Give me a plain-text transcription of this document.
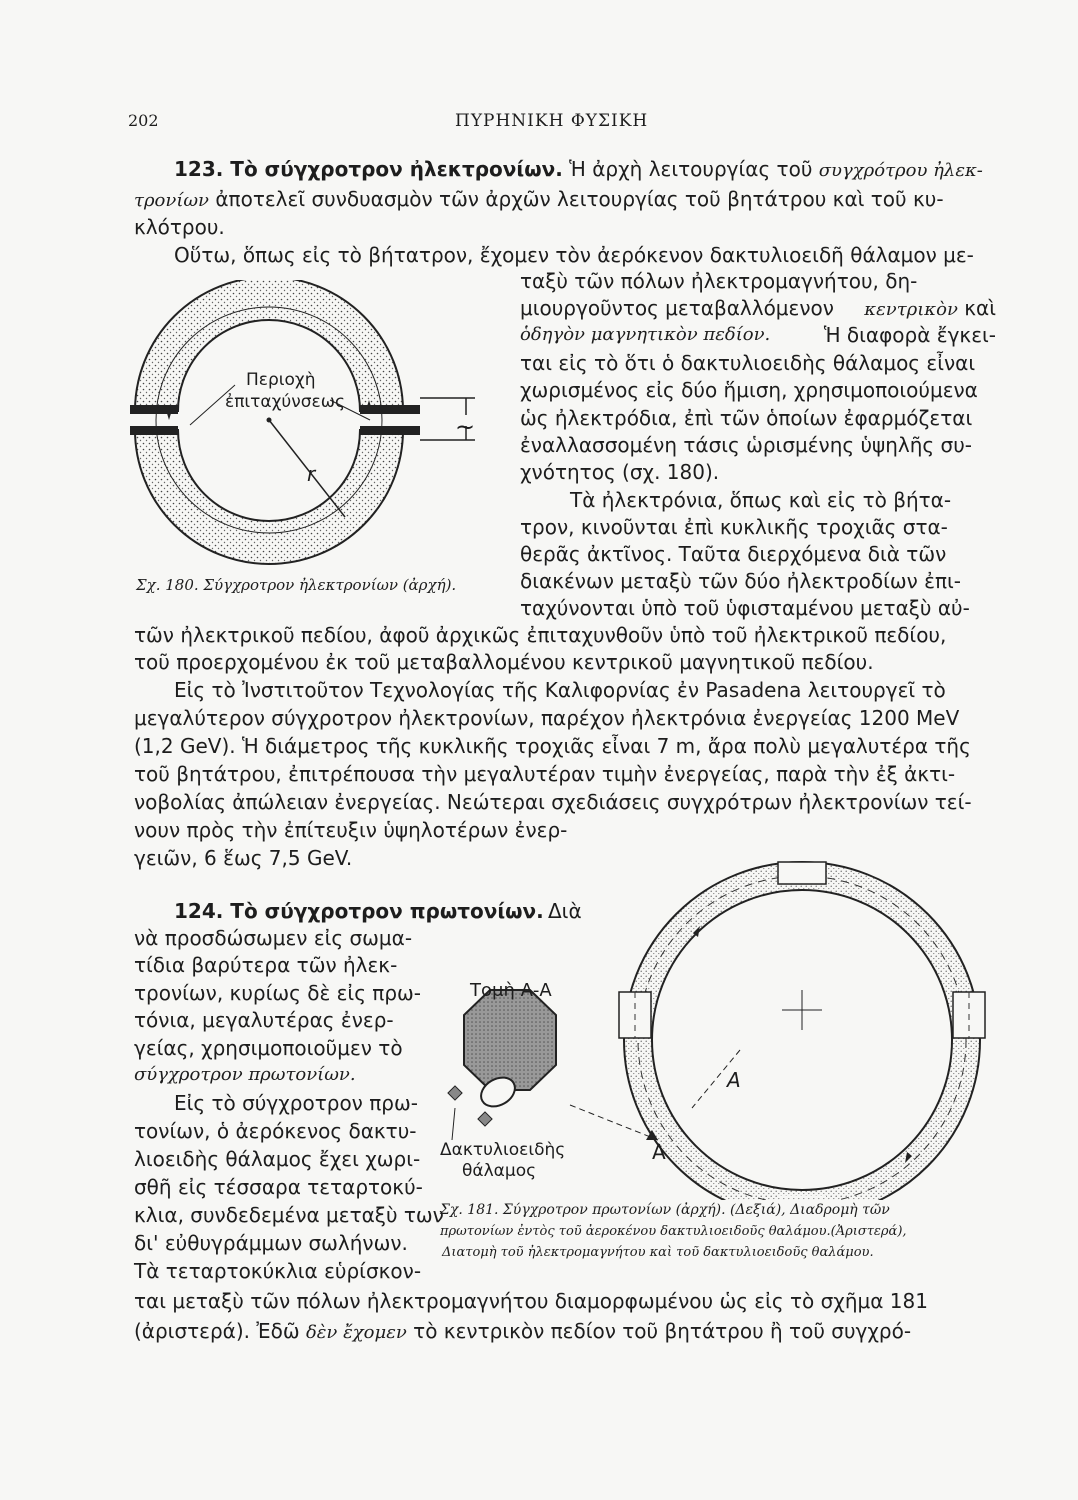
202	ΠΥΡΗΝΙΚΗ ΦΥΣΙΚΗ
123. Τὸ σύγχροτρον ἠλεκτρονίων. Ἡ ἀρχὴ λειτουργίας τοῦ συγχρότρου ἠλεκ-
τρονίων ἀποτελεῖ συνδυασμὸν τῶν ἀρχῶν λειτουργίας τοῦ βητάτρου καὶ τοῦ κυ-
κλότρου.
Οὕτω, ὅπως εἰς τὸ βήτατρον, ἔχομεν τὸν ἀερόκενον δακτυλιοειδῆ θάλαμον με-
ταξὺ τῶν πόλων ἠλεκτρομαγνήτου, δη-
μιουργοῦντος μεταβαλλόμενον κεντρικὸν καὶ
ὁδηγὸν μαγνητικὸν πεδίον.	Ἡ διαφορὰ ἔγκει-
ται εἰς τὸ ὅτι ὁ δακτυλιοειδὴς θάλαμος εἶναι
χωρισμένος εἰς δύο ἥμιση, χρησιμοποιούμενα
ὡς ἠλεκτρόδια, ἐπὶ τῶν ὁποίων ἐφαρμόζεται
ἐναλλασσομένη τάσις ὡρισμένης ὑψηλῆς συ-
χνότητος (σχ. 180).
Τὰ ἠλεκτρόνια, ὅπως καὶ εἰς τὸ βήτα-
τρον, κινοῦνται ἐπὶ κυκλικῆς τροχιᾶς στα-
θερᾶς ἀκτῖνος. Ταῦτα διερχόμενα διὰ τῶν
διακένων μεταξὺ τῶν δύο ἠλεκτροδίων ἐπι-
ταχύνονται ὑπὸ τοῦ ὑφισταμένου μεταξὺ αὐ-
τῶν ἠλεκτρικοῦ πεδίου, ἀφοῦ ἀρχικῶς ἐπιταχυνθοῦν ὑπὸ τοῦ ἠλεκτρικοῦ πεδίου,
τοῦ προερχομένου ἐκ τοῦ μεταβαλλομένου κεντρικοῦ μαγνητικοῦ πεδίου.
Εἰς τὸ Ἰνστιτοῦτον Τεχνολογίας τῆς Καλιφορνίας ἐν Pasadena λειτουργεῖ τὸ
μεγαλύτερον σύγχροτρον ἠλεκτρονίων, παρέχον ἠλεκτρόνια ἐνεργείας 1200 MeV
(1,2 GeV). Ἡ διάμετρος τῆς κυκλικῆς τροχιᾶς εἶναι 7 m, ἄρα πολὺ μεγαλυτέρα τῆς
τοῦ βητάτρου, ἐπιτρέπουσα τὴν μεγαλυτέραν τιμὴν ἐνεργείας, παρὰ τὴν ἐξ ἀκτι-
νοβολίας ἀπώλειαν ἐνεργείας. Νεώτεραι σχεδιάσεις συγχρότρων ἠλεκτρονίων τεί-
νουν πρὸς τὴν ἐπίτευξιν ὑψηλοτέρων ἐνερ-
γειῶν, 6 ἕως 7,5 GeV.
Περιοχὴ
ἐπιταχύνσεως
r
~
Σχ. 180. Σύγχροτρον ἠλεκτρονίων (ἀρχή).
124. Τὸ σύγχροτρον πρωτονίων. Διὰ
νὰ προσδώσωμεν εἰς σωμα-
τίδια βαρύτερα τῶν ἠλεκ-
τρονίων, κυρίως δὲ εἰς πρω-
τόνια, μεγαλυτέρας ἐνερ-
γείας, χρησιμοποιοῦμεν τὸ
σύγχροτρον πρωτονίων.
Εἰς τὸ σύγχροτρον πρω-
τονίων, ὁ ἀερόκενος δακτυ-
λιοειδὴς θάλαμος ἔχει χωρι-
σθῆ εἰς τέσσαρα τεταρτοκύ-
κλια, συνδεδεμένα μεταξὺ των
δι' εὐθυγράμμων σωλήνων.
Τὰ τεταρτοκύκλια εὑρίσκον-
ται μεταξὺ τῶν πόλων ἠλεκτρομαγνήτου διαμορφωμένου ὡς εἰς τὸ σχῆμα 181
(ἀριστερά). Ἐδῶ δὲν ἔχομεν τὸ κεντρικὸν πεδίον τοῦ βητάτρου ἢ τοῦ συγχρό-
Τομὴ Α-Α
Δακτυλιοειδὴς
θάλαμος
Α
A
Σχ. 181. Σύγχροτρον πρωτονίων (ἀρχή). (Δεξιά), Διαδρομὴ τῶν
πρωτονίων ἐντὸς τοῦ ἀεροκένου δακτυλιοειδοῦς θαλάμου.(Ἀριστερά),
Διατομὴ τοῦ ἠλεκτρομαγνήτου καὶ τοῦ δακτυλιοειδοῦς θαλάμου.
